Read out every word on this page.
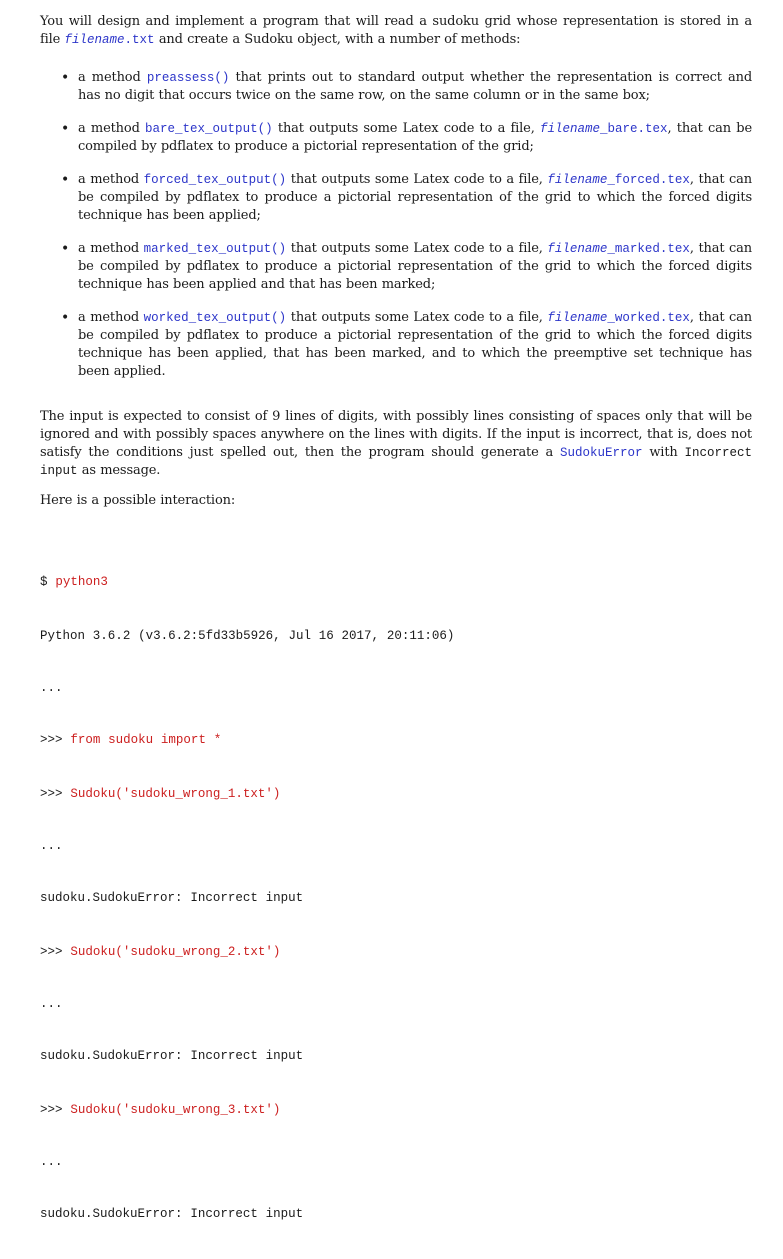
You will design and implement a program that will read a sudoku grid whose representation is stored in a file filename.txt and create a Sudoku object, with a number of methods:

• a method preassess() that prints out to standard output whether the representation is correct and has no digit that occurs twice on the same row, on the same column or in the same box;
• a method bare_tex_output() that outputs some Latex code to a file, filename_bare.tex, that can be compiled by pdflatex to produce a pictorial representation of the grid;
• a method forced_tex_output() that outputs some Latex code to a file, filename_forced.tex, that can be compiled by pdflatex to produce a pictorial representation of the grid to which the forced digits technique has been applied;
• a method marked_tex_output() that outputs some Latex code to a file, filename_marked.tex, that can be compiled by pdflatex to produce a pictorial representation of the grid to which the forced digits technique has been applied and that has been marked;
• a method worked_tex_output() that outputs some Latex code to a file, filename_worked.tex, that can be compiled by pdflatex to produce a pictorial representation of the grid to which the forced digits technique has been applied, that has been marked, and to which the preemptive set technique has been applied.

The input is expected to consist of 9 lines of digits, with possibly lines consisting of spaces only that will be ignored and with possibly spaces anywhere on the lines with digits. If the input is incorrect, that is, does not satisfy the conditions just spelled out, then the program should generate a SudokuError with Incorrect input as message.

Here is a possible interaction:

$ python3

Python 3.6.2 (v3.6.2:5fd33b5926, Jul 16 2017, 20:11:06)

...

>>> from sudoku import *

>>> Sudoku('sudoku_wrong_1.txt')

...

sudoku.SudokuError: Incorrect input

>>> Sudoku('sudoku_wrong_2.txt')

...

sudoku.SudokuError: Incorrect input

>>> Sudoku('sudoku_wrong_3.txt')

...

sudoku.SudokuError: Incorrect input
